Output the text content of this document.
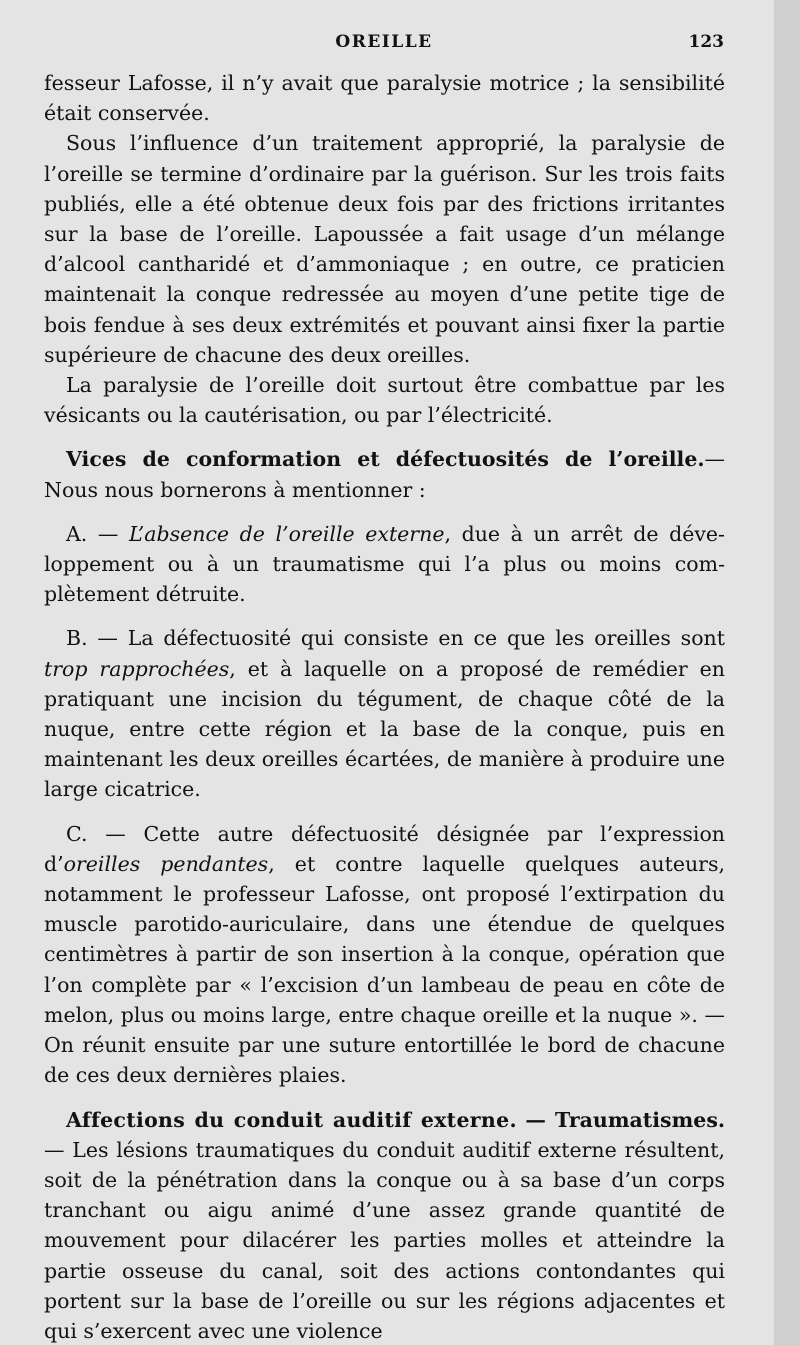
OREILLE	123

fesseur Lafosse, il n’y avait que paralysie motrice ; la sensibilité était conservée.

Sous l’influence d’un traitement approprié, la paralysie de l’oreille se termine d’ordinaire par la guérison. Sur les trois faits publiés, elle a été obtenue deux fois par des frictions irritantes sur la base de l’oreille. Lapoussée a fait usage d’un mélange d’alcool cantharidé et d’ammoniaque ; en outre, ce praticien maintenait la conque redressée au moyen d’une petite tige de bois fendue à ses deux extrémités et pouvant ainsi fixer la partie supérieure de chacune des deux oreilles.

La paralysie de l’oreille doit surtout être combattue par les vésicants ou la cautérisation, ou par l’électricité.

Vices de conformation et défectuosités de l’oreille.—Nous nous bornerons à mentionner :

A. — L’absence de l’oreille externe, due à un arrêt de développement ou à un traumatisme qui l’a plus ou moins complètement détruite.

B. — La défectuosité qui consiste en ce que les oreilles sont trop rapprochées, et à laquelle on a proposé de remédier en pratiquant une incision du tégument, de chaque côté de la nuque, entre cette région et la base de la conque, puis en maintenant les deux oreilles écartées, de manière à produire une large cicatrice.

C. — Cette autre défectuosité désignée par l’expression d’oreilles pendantes, et contre laquelle quelques auteurs, notamment le professeur Lafosse, ont proposé l’extirpation du muscle parotido-auriculaire, dans une étendue de quelques centimètres à partir de son insertion à la conque, opération que l’on complète par « l’excision d’un lambeau de peau en côte de melon, plus ou moins large, entre chaque oreille et la nuque ». — On réunit ensuite par une suture entortillée le bord de chacune de ces deux dernières plaies.

Affections du conduit auditif externe. — Traumatismes. — Les lésions traumatiques du conduit auditif externe résultent, soit de la pénétration dans la conque ou à sa base d’un corps tranchant ou aigu animé d’une assez grande quantité de mouvement pour dilacérer les parties molles et atteindre la partie osseuse du canal, soit des actions contondantes qui portent sur la base de l’oreille ou sur les régions adjacentes et qui s’exercent avec une violence
